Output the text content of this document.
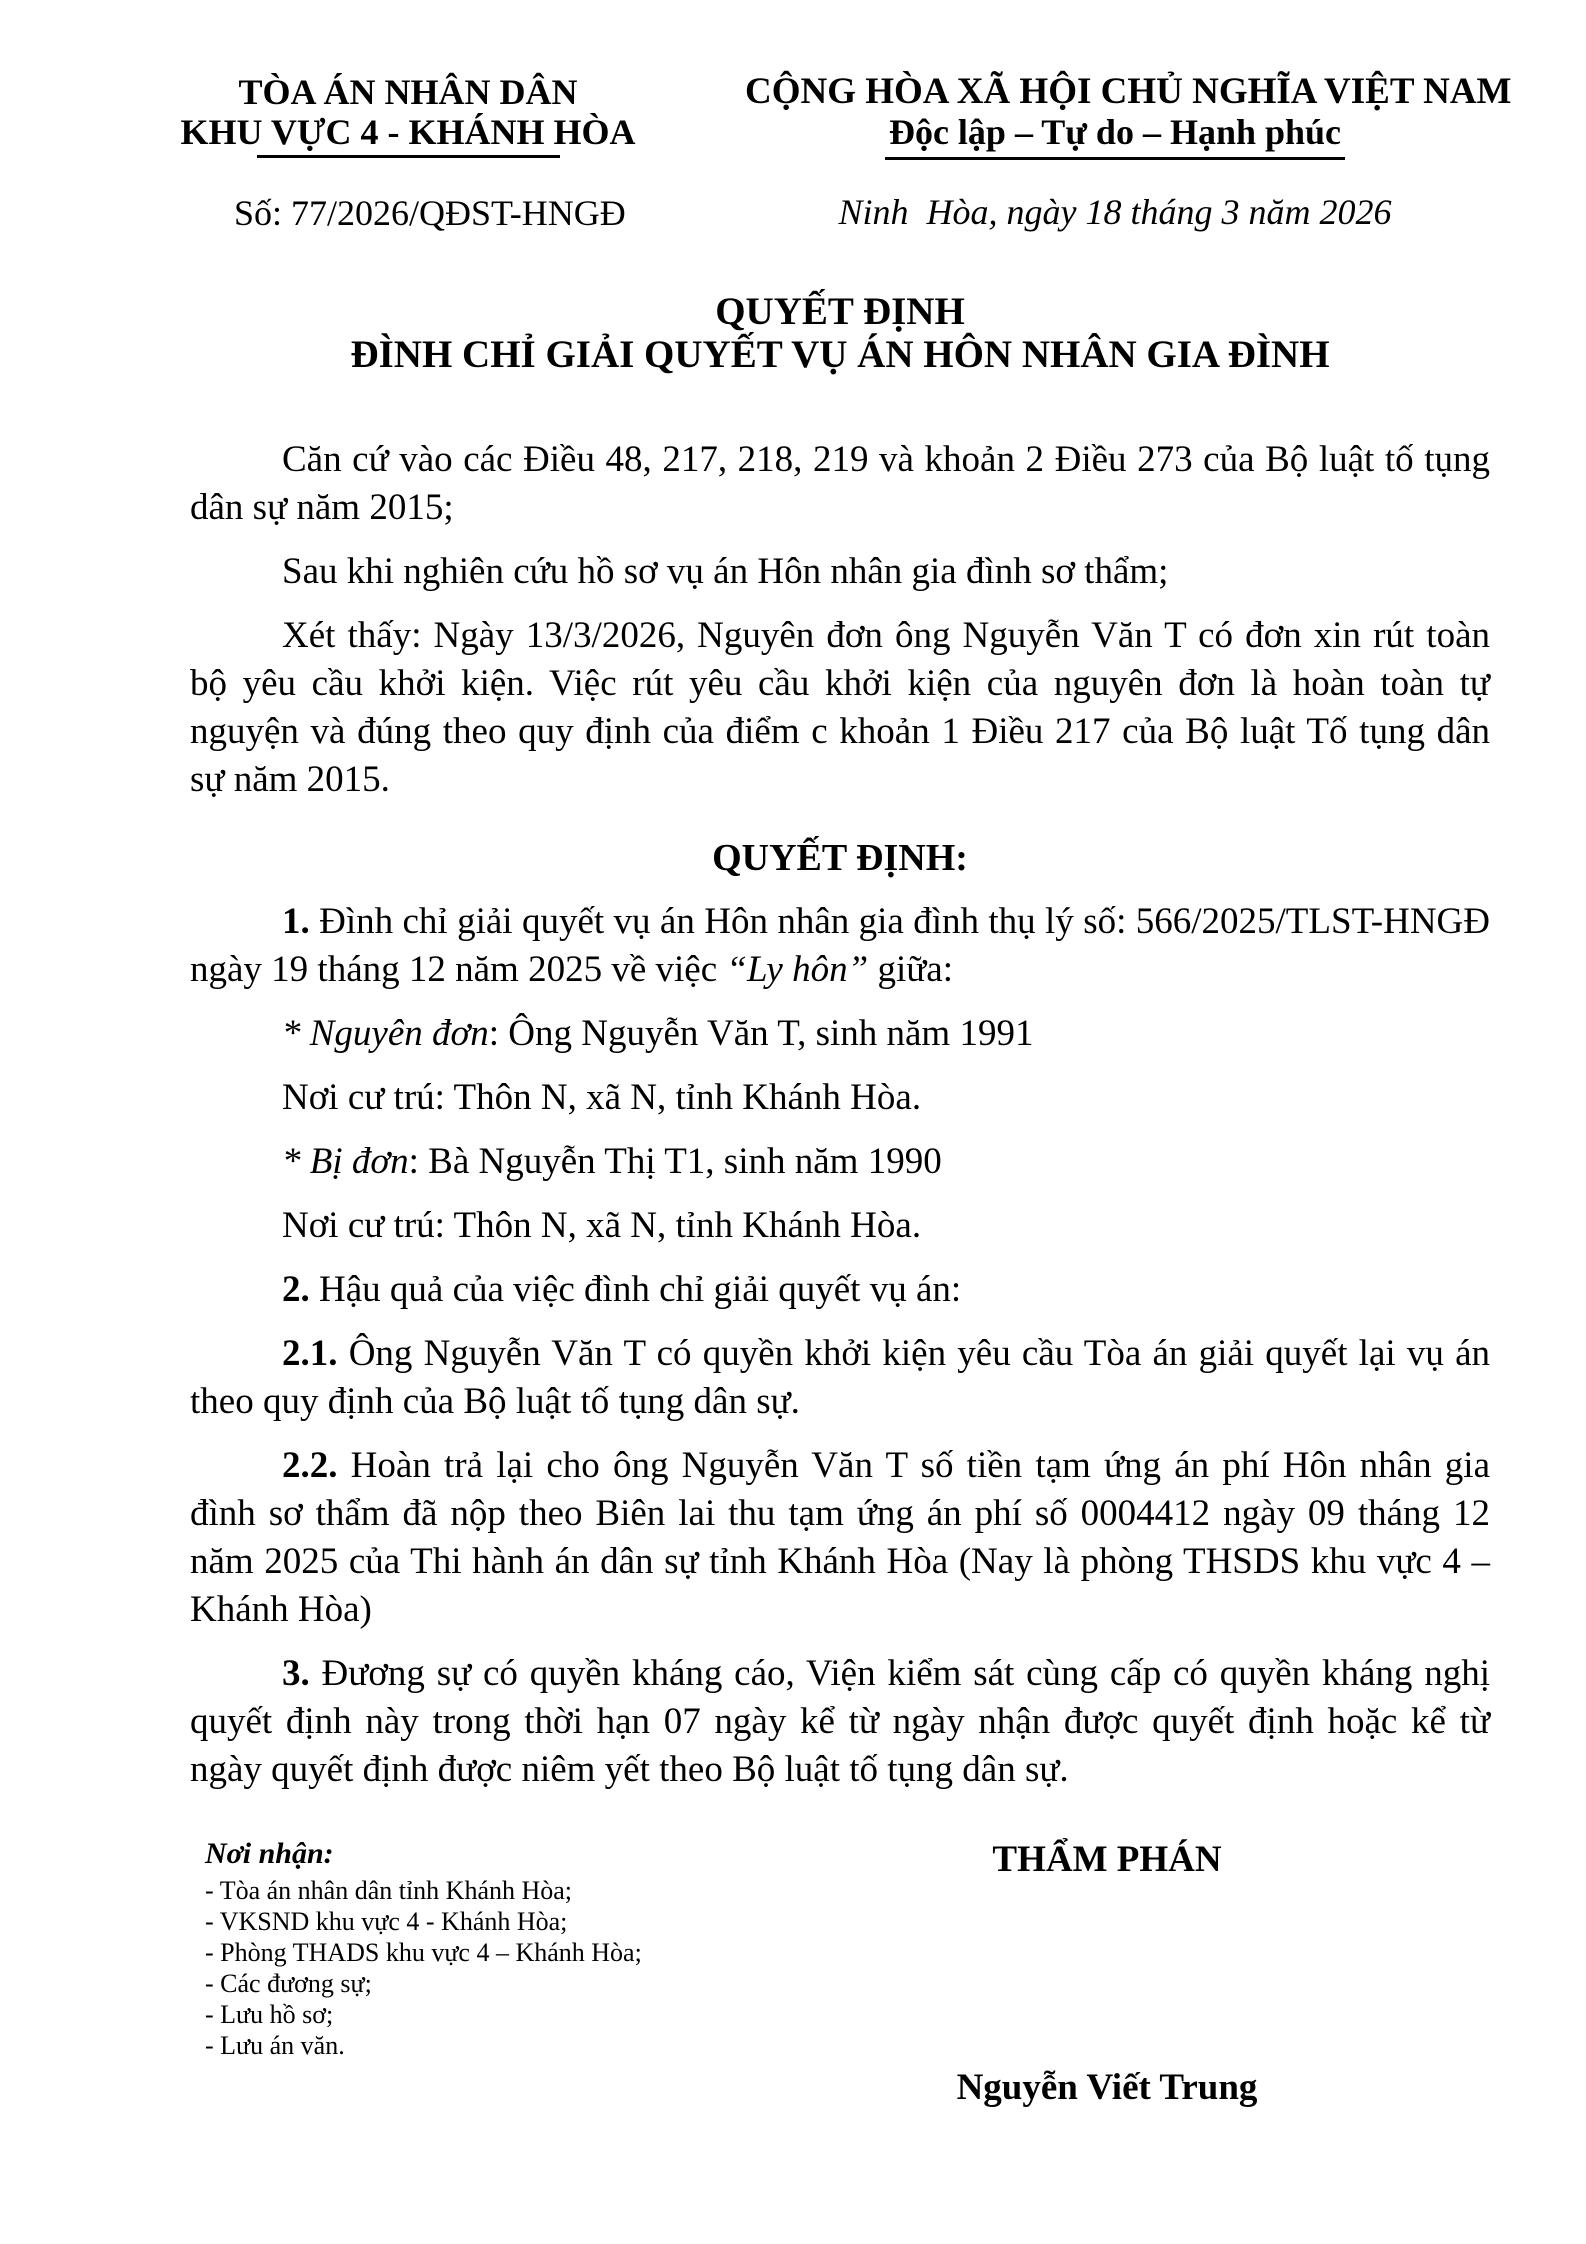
TÒA ÁN NHÂN DÂN
KHU VỰC 4 - KHÁNH HÒA
CỘNG HÒA XÃ HỘI CHỦ NGHĨA VIỆT NAM
Độc lập – Tự do – Hạnh phúc
Số: 77/2026/QĐST-HNGĐ	Ninh  Hòa, ngày 18 tháng 3 năm 2026
QUYẾT ĐỊNH
ĐÌNH CHỈ GIẢI QUYẾT VỤ ÁN HÔN NHÂN GIA ĐÌNH

Căn cứ vào các Điều 48, 217, 218, 219 và khoản 2 Điều 273 của Bộ luật tố tụng dân sự năm 2015;

Sau khi nghiên cứu hồ sơ vụ án Hôn nhân gia đình sơ thẩm;

Xét thấy: Ngày 13/3/2026, Nguyên đơn ông Nguyễn Văn T có đơn xin rút toàn bộ yêu cầu khởi kiện. Việc rút yêu cầu khởi kiện của nguyên đơn là hoàn toàn tự nguyện và đúng theo quy định của điểm c khoản 1 Điều 217 của Bộ luật Tố tụng dân sự năm 2015.

QUYẾT ĐỊNH:

1. Đình chỉ giải quyết vụ án Hôn nhân gia đình thụ lý số: 566/2025/TLST-HNGĐ ngày 19 tháng 12 năm 2025 về việc “Ly hôn” giữa:

* Nguyên đơn: Ông Nguyễn Văn T, sinh năm 1991

Nơi cư trú: Thôn N, xã N, tỉnh Khánh Hòa.

* Bị đơn: Bà Nguyễn Thị T1, sinh năm 1990

Nơi cư trú: Thôn N, xã N, tỉnh Khánh Hòa.

2. Hậu quả của việc đình chỉ giải quyết vụ án:

2.1. Ông Nguyễn Văn T có quyền khởi kiện yêu cầu Tòa án giải quyết lại vụ án theo quy định của Bộ luật tố tụng dân sự.

2.2. Hoàn trả lại cho ông Nguyễn Văn T số tiền tạm ứng án phí Hôn nhân gia đình sơ thẩm đã nộp theo Biên lai thu tạm ứng án phí số 0004412 ngày 09 tháng 12 năm 2025 của Thi hành án dân sự tỉnh Khánh Hòa (Nay là phòng THSDS khu vực 4 – Khánh Hòa)

3. Đương sự có quyền kháng cáo, Viện kiểm sát cùng cấp có quyền kháng nghị quyết định này trong thời hạn 07 ngày kể từ ngày nhận được quyết định hoặc kể từ ngày quyết định được niêm yết theo Bộ luật tố tụng dân sự.

Nơi nhận:
- Tòa án nhân dân tỉnh Khánh Hòa;
- VKSND khu vực 4 - Khánh Hòa;
- Phòng THADS khu vực 4 – Khánh Hòa;
- Các đương sự;
- Lưu hồ sơ;
- Lưu án văn.
THẨM PHÁN
Nguyễn Viết Trung
